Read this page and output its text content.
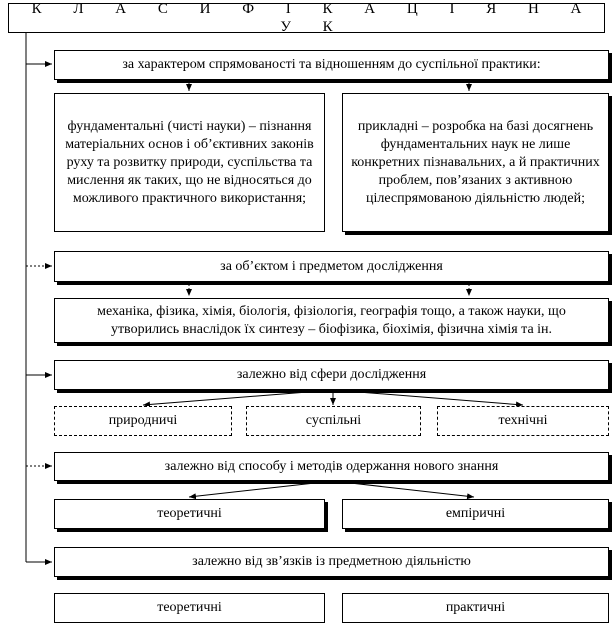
К Л А С И Ф І К А Ц І Я Н А У К
за характером спрямованості та відношенням до суспільної практики:
фундаментальні (чисті науки) – пізнання матеріальних основ і об’єктивних законів руху та розвитку природи, суспільства та мислення як таких, що не відносяться до можливого практичного використання;
прикладні – розробка на базі досягнень фундаментальних наук не лише конкретних пізнавальних, а й практичних проблем, пов’язаних з активною цілеспрямованою діяльністю людей;
за об’єктом і предметом дослідження
механіка, фізика, хімія, біологія, фізіологія, географія тощо, а також науки, що утворились внаслідок їх синтезу – біофізика, біохімія, фізична хімія та ін.
залежно від сфери дослідження
природничі	суспільні	технічні
залежно від способу і методів одержання нового знання
теоретичні	емпіричні
залежно від зв’язків із предметною діяльністю
теоретичні	практичні
